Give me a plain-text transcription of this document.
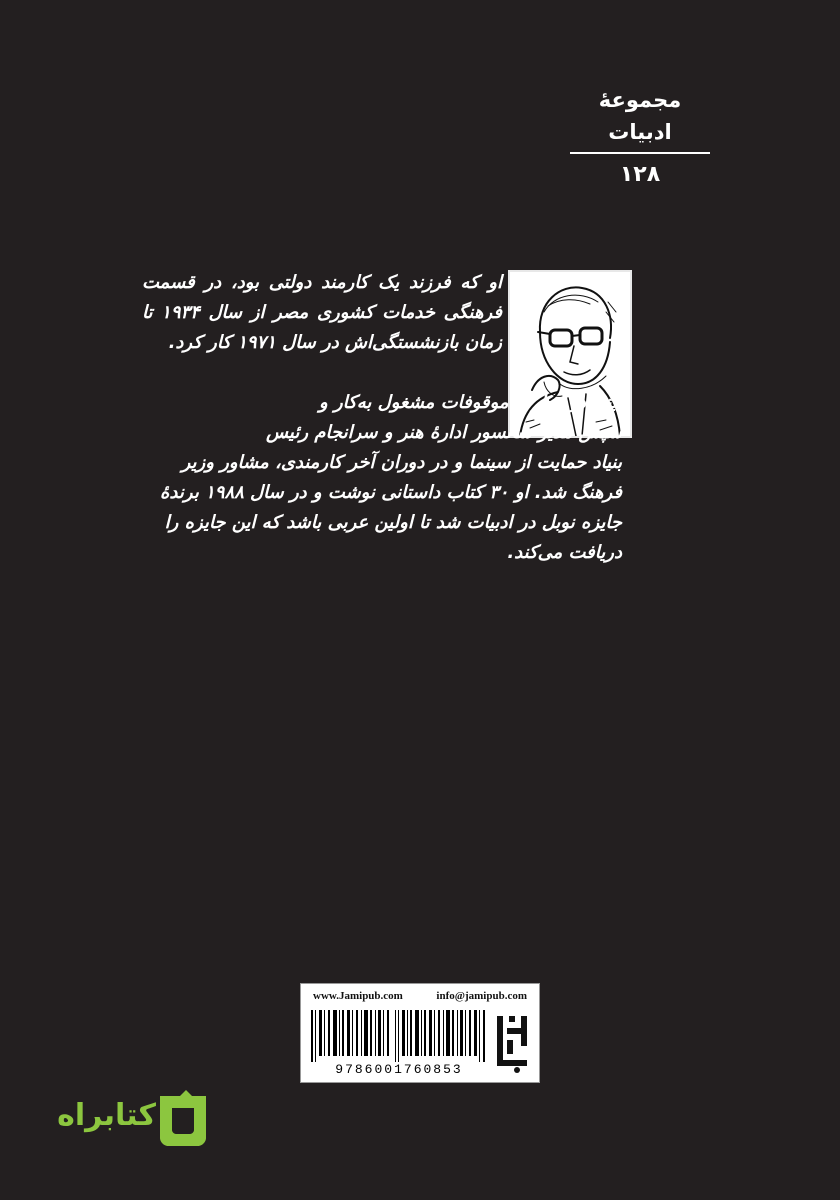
مجموعهٔ ادبیات
۱۲۸

او که فرزند یک کارمند دولتی بود، در قسمت فرهنگی خدمات کشوری مصر از سال ۱۹۳۴ تا زمان بازنشستگی‌اش در سال ۱۹۷۱ کار کرد.

ابتدا در وزارت موقوفات مشغول به‌کار و
سپس مدیر سانسور ادارهٔ هنر و سرانجام رئیس
بنیاد حمایت از سینما و در دوران آخر کارمندی، مشاور وزیر
فرهنگ شد. او ۳۰ کتاب داستانی نوشت و در سال ۱۹۸۸ برندهٔ
جایزه نوبل در ادبیات شد تا اولین عربی باشد که این جایزه را
دریافت می‌کند.
www.Jamipub.com	info@jamipub.com
9786001760853
کتابراه
